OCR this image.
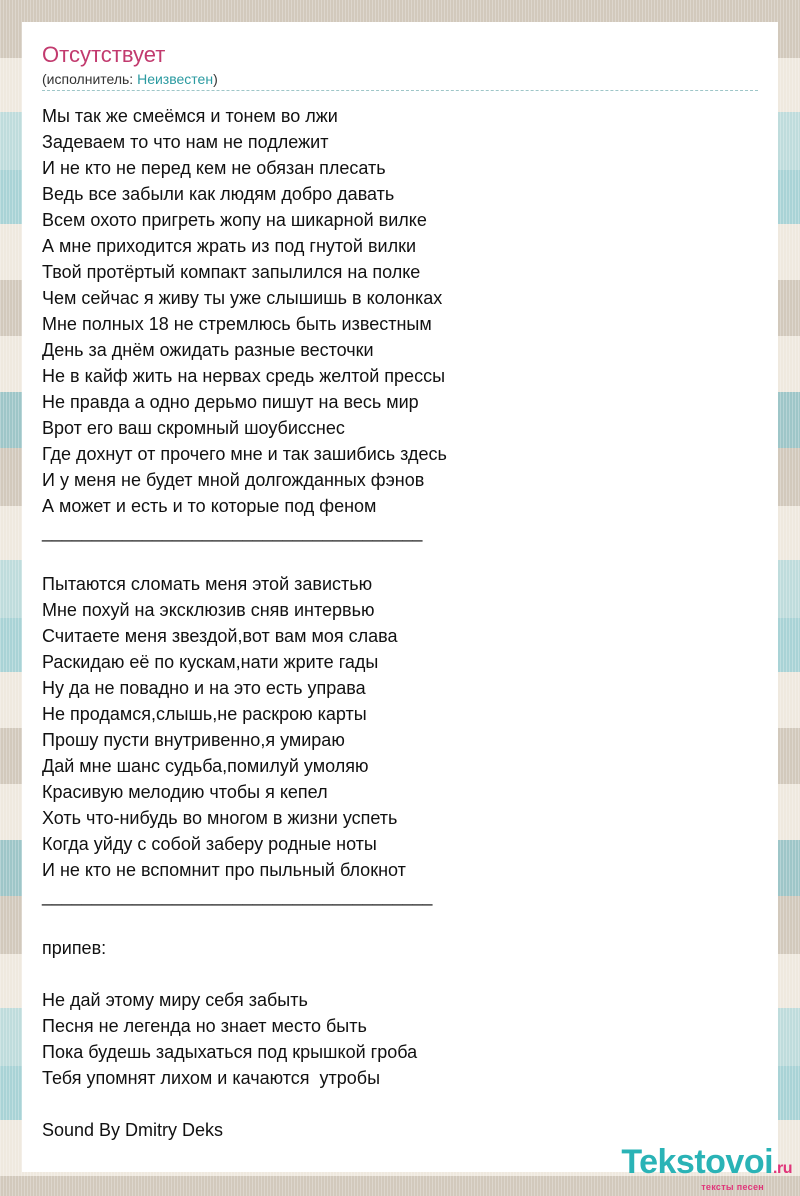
Отсутствует
(исполнитель: Неизвестен)
Мы так же смеёмся и тонем во лжи
Задеваем то что нам не подлежит
И не кто не перед кем не обязан плесать
Ведь все забыли как людям добро давать
Всем охото пригреть жопу на шикарной вилке
А мне приходится жрать из под гнутой вилки
Твой протёртый компакт запылился на полке
Чем сейчас я живу ты уже слышишь в колонках
Мне полных 18 не стремлюсь быть известным
День за днём ожидать разные весточки
Не в кайф жить на нервах средь желтой прессы
Не правда а одно дерьмо пишут на весь мир
Врот его ваш скромный шоубисснес
Где дохнут от прочего мне и так зашибись здесь
И у меня не будет мной долгожданных фэнов
А может и есть и то которые под феном
______________________________________
Пытаются сломать меня этой завистью
Мне похуй на эксклюзив сняв интервью
Считаете меня звездой,вот вам моя слава
Раскидаю её по кускам,нати жрите гады
Ну да не повадно и на это есть управа
Не продамся,слышь,не раскрою карты
Прошу пусти внутривенно,я умираю
Дай мне шанс судьба,помилуй умоляю
Красивую мелодию чтобы я кепел
Хоть что-нибудь во многом в жизни успеть
Когда уйду с собой заберу родные ноты
И не кто не вспомнит про пыльный блокнот
_______________________________________
припев:
Не дай этому миру себя забыть
Песня не легенда но знает место быть
Пока будешь задыхаться под крышкой гроба
Тебя упомнят лихом и качаются  утробы
Sound By Dmitry Deks
Tekstovoi.ru
тексты песен
